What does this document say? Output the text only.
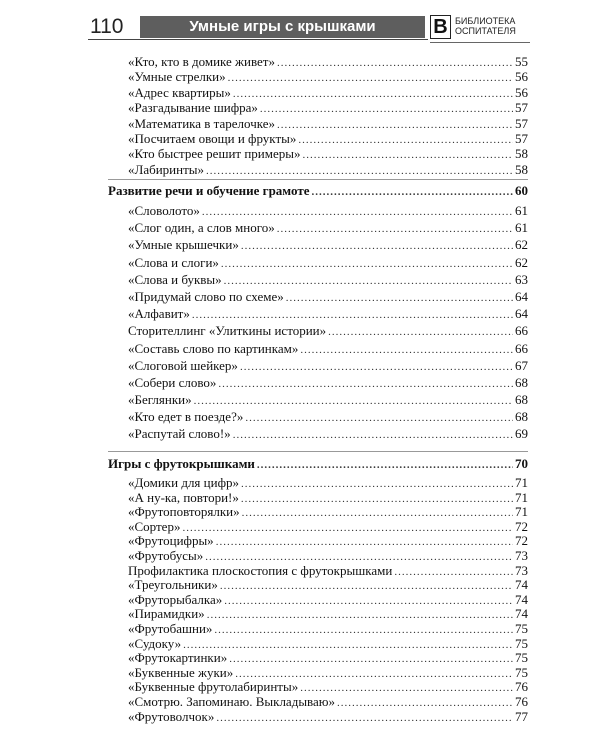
110	Умные игры с крышками	В БИБЛИОТЕКА
ОСПИТАТЕЛЯ
«Кто, кто в домике живет» .....	55
«Умные стрелки» .....	56
«Адрес квартиры» .....	56
«Разгадывание шифра» .....	57
«Математика в тарелочке» .....	57
«Посчитаем овощи и фрукты» .....	57
«Кто быстрее решит примеры» .....	58
«Лабиринты» .....	58
Развитие речи и обучение грамоте .....	60
«Словолото» .....	61
«Слог один, а слов много» .....	61
«Умные крышечки» .....	62
«Слова и слоги» .....	62
«Слова и буквы» .....	63
«Придумай слово по схеме» .....	64
«Алфавит» .....	64
Сторителлинг «Улиткины истории» .....	66
«Составь слово по картинкам» .....	66
«Слоговой шейкер» .....	67
«Собери слово» .....	68
«Беглянки» .....	68
«Кто едет в поезде?» .....	68
«Распутай слово!» .....	69
Игры с фрутокрышками .....	70
«Домики для цифр» .....	71
«А ну-ка, повтори!» .....	71
«Фрутоповторялки» .....	71
«Сортер» .....	72
«Фрутоцифры» .....	72
«Фрутобусы» .....	73
Профилактика плоскостопия с фрутокрышками .....	73
«Треугольники» .....	74
«Фруторыбалка» .....	74
«Пирамидки» .....	74
«Фрутобашни» .....	75
«Судоку» .....	75
«Фрутокартинки» .....	75
«Буквенные жуки» .....	75
«Буквенные фрутолабиринты» .....	76
«Смотрю. Запоминаю. Выкладываю» .....	76
«Фрутоволчок» .....	77
